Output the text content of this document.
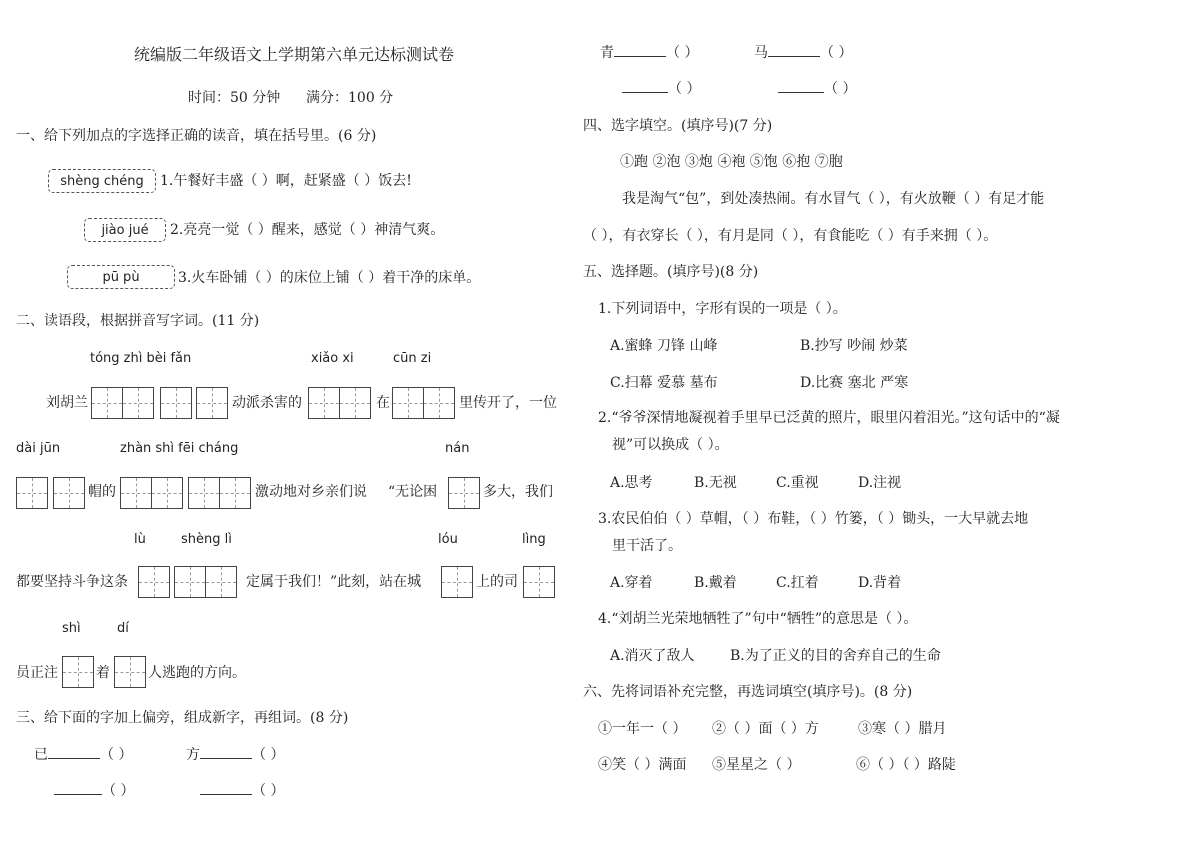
统编版二年级语文上学期第六单元达标测试卷
时间：50 分钟 满分：100 分
一、给下列加点的字选择正确的读音，填在括号里。(6 分)
shèng chéng	1.午餐好丰盛（ ）啊，赶紧盛（ ）饭去!
jiào jué	2.亮亮一觉（ ）醒来，感觉（ ）神清气爽。
pū pù	3.火车卧铺（ ）的床位上铺（ ）着干净的床单。
二、读语段，根据拼音写字词。(11 分)
tóng zhì bèi fǎn	xiǎo xi	cūn zi
刘胡兰	动派杀害的	在	里传开了，一位
dài jūn	zhàn shì fēi cháng	nán
帽的	激动地对乡亲们说 “无论困	多大，我们
lù	shèng lì	lóu	lìng
都要坚持斗争这条	定属于我们！”此刻，站在城	上的司
shì	dí
员正注	着	人逃跑的方向。
三、给下面的字加上偏旁，组成新字，再组词。(8 分)
已	（ ）	方	（ ）
（ ）	（ ）
青	（ ）	马	（ ）
（ ）	（ ）
四、选字填空。(填序号)(7 分)
①跑 ②泡 ③炮 ④袍 ⑤饱 ⑥抱 ⑦胞
我是淘气“包”，到处凑热闹。有水冒气（ ），有火放鞭（ ）有足才能
（ ），有衣穿长（ ），有月是同（ ），有食能吃（ ）有手来拥（ ）。
五、选择题。(填序号)(8 分)
1.下列词语中，字形有误的一项是（ ）。
A.蜜蜂 刀锋 山峰	B.抄写 吵闹 炒菜
C.扫幕 爱慕 墓布	D.比赛 塞北 严寒
2.“爷爷深情地凝视着手里早已泛黄的照片，眼里闪着泪光。”这句话中的“凝
视”可以换成（ ）。
A.思考	B.无视	C.重视	D.注视
3.农民伯伯（ ）草帽，（ ）布鞋，（ ）竹篓，（ ）锄头，一大早就去地
里干活了。
A.穿着	B.戴着	C.扛着	D.背着
4.“刘胡兰光荣地牺牲了”句中“牺牲”的意思是（ ）。
A.消灭了敌人	B.为了正义的目的舍弃自己的生命
六、先将词语补充完整，再选词填空(填序号)。(8 分)
①一年一（ ） ②（ ）面（ ）方	③寒（ ）腊月
④笑（ ）满面 ⑤星星之（ ）	⑥（ ）（ ）路陡
